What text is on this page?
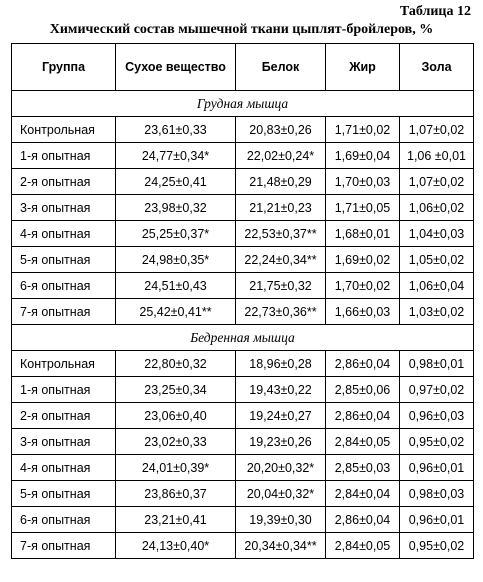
Таблица 12
Химический состав мышечной ткани цыплят-бройлеров, %
Группа	Сухое вещество	Белок	Жир	Зола
Грудная мышца				
Контрольная	23,61±0,33	20,83±0,26	1,71±0,02	1,07±0,02
1-я опытная	24,77±0,34*	22,02±0,24*	1,69±0,04	1,06 ±0,01
2-я опытная	24,25±0,41	21,48±0,29	1,70±0,03	1,07±0,02
3-я опытная	23,98±0,32	21,21±0,23	1,71±0,05	1,06±0,02
4-я опытная	25,25±0,37*	22,53±0,37**	1,68±0,01	1,04±0,03
5-я опытная	24,98±0,35*	22,24±0,34**	1,69±0,02	1,05±0,02
6-я опытная	24,51±0,43	21,75±0,32	1,70±0,02	1,06±0,04
7-я опытная	25,42±0,41**	22,73±0,36**	1,66±0,03	1,03±0,02
Бедренная мышца				
Контрольная	22,80±0,32	18,96±0,28	2,86±0,04	0,98±0,01
1-я опытная	23,25±0,34	19,43±0,22	2,85±0,06	0,97±0,02
2-я опытная	23,06±0,40	19,24±0,27	2,86±0,04	0,96±0,03
3-я опытная	23,02±0,33	19,23±0,26	2,84±0,05	0,95±0,02
4-я опытная	24,01±0,39*	20,20±0,32*	2,85±0,03	0,96±0,01
5-я опытная	23,86±0,37	20,04±0,32*	2,84±0,04	0,98±0,03
6-я опытная	23,21±0,41	19,39±0,30	2,86±0,04	0,96±0,01
7-я опытная	24,13±0,40*	20,34±0,34**	2,84±0,05	0,95±0,02
